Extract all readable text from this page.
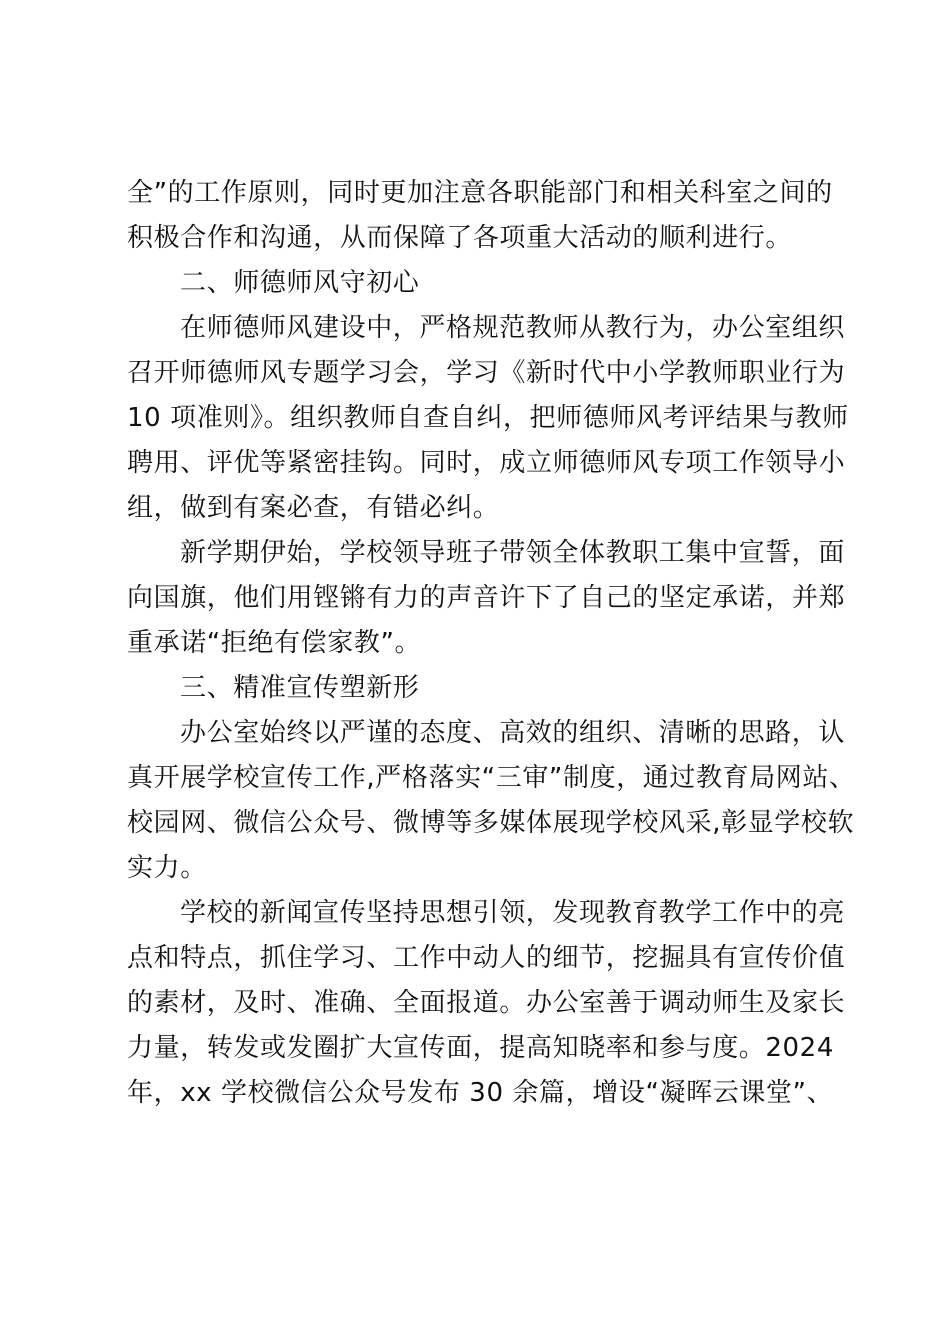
全”的工作原则，同时更加注意各职能部门和相关科室之间的
积极合作和沟通，从而保障了各项重大活动的顺利进行。
二、师德师风守初心
在师德师风建设中，严格规范教师从教行为，办公室组织
召开师德师风专题学习会，学习《新时代中小学教师职业行为
10 项准则》。组织教师自查自纠，把师德师风考评结果与教师
聘用、评优等紧密挂钩。同时，成立师德师风专项工作领导小
组，做到有案必查，有错必纠。
新学期伊始，学校领导班子带领全体教职工集中宣誓，面
向国旗，他们用铿锵有力的声音许下了自己的坚定承诺，并郑
重承诺“拒绝有偿家教”。
三、精准宣传塑新形
办公室始终以严谨的态度、高效的组织、清晰的思路，认
真开展学校宣传工作,严格落实“三审”制度，通过教育局网站、
校园网、微信公众号、微博等多媒体展现学校风采,彰显学校软
实力。
学校的新闻宣传坚持思想引领，发现教育教学工作中的亮
点和特点，抓住学习、工作中动人的细节，挖掘具有宣传价值
的素材，及时、准确、全面报道。办公室善于调动师生及家长
力量，转发或发圈扩大宣传面，提高知晓率和参与度。2024
年，xx 学校微信公众号发布 30 余篇，增设“凝晖云课堂”、
